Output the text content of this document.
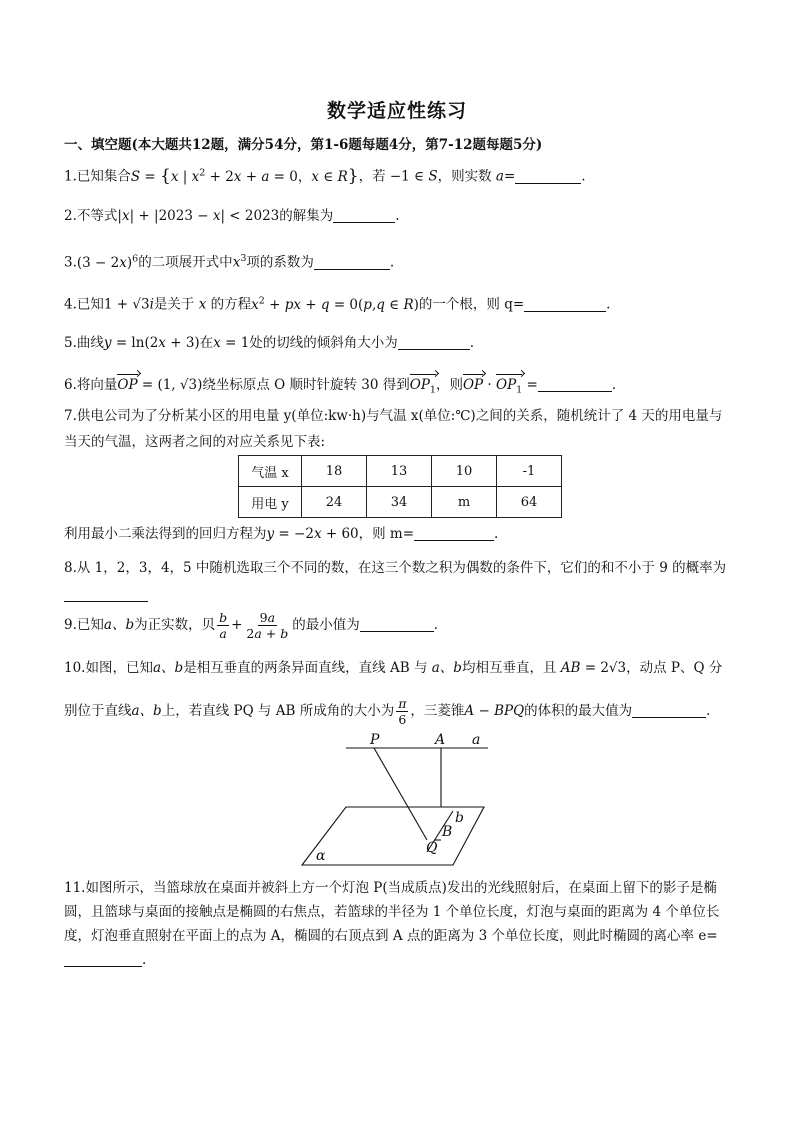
数学适应性练习
一、填空题(本大题共12题，满分54分，第1-6题每题4分，第7-12题每题5分)
1.已知集合S = {x | $x^2 + 2x + a = 0$，x ∈ R}，若 −1 ∈ S，则实数 a=	.
2.不等式|x| + |2023 − x| < 2023的解集为	.
$3.(3 - 2x)^6$的二项展开式中$x^3$项的系数为	.
4.已知1 + √3i是关于 x 的方程$x^2$ + px + q = 0(p,q ∈ R)的一个根，则 q=	.
5.曲线y = ln(2x + 3)在x = 1处的切线的倾斜角大小为	.
6.将向量OP = (1, √3)绕坐标原点 O 顺时针旋转 30 得到$OP_1$，则OP · $OP_1$ =	.
7.供电公司为了分析某小区的用电量 y(单位:kw·h)与气温 x(单位:℃)之间的关系，随机统计了 4 天的用电量与
当天的气温，这两者之间的对应关系见下表:
气温 x	18	13	10	-1
用电 y	24	34	m	64
利用最小二乘法得到的回归方程为y = −2x + 60，则 m=	.
8.从 1，2，3，4，5 中随机选取三个不同的数，在这三个数之积为偶数的条件下，它们的和不小于 9 的概率为
9.已知a、b为正实数，贝 $\frac{b}{a} + \frac{9a}{2a + b}$ 的最小值为	.
10.如图，已知a、b是相互垂直的两条异面直线，直线 AB 与 a、b均相互垂直，且 AB = 2√3，动点 P、Q 分
别位于直线a、b上，若直线 PQ 与 AB 所成角的大小为 $\frac{\pi}{6}$ ，三菱锥A − BPQ的体积的最大值为	.
P	A a
b
B
Q
α
11.如图所示，当篮球放在桌面并被斜上方一个灯泡 P(当成质点)发出的光线照射后，在桌面上留下的影子是椭圆，且篮球与桌面的接触点是椭圆的右焦点，若篮球的半径为 1 个单位长度，灯泡与桌面的距离为 4 个单位长度，灯泡垂直照射在平面上的点为 A，椭圆的右顶点到 A 点的距离为 3 个单位长度，则此时椭圆的离心率 e=.
